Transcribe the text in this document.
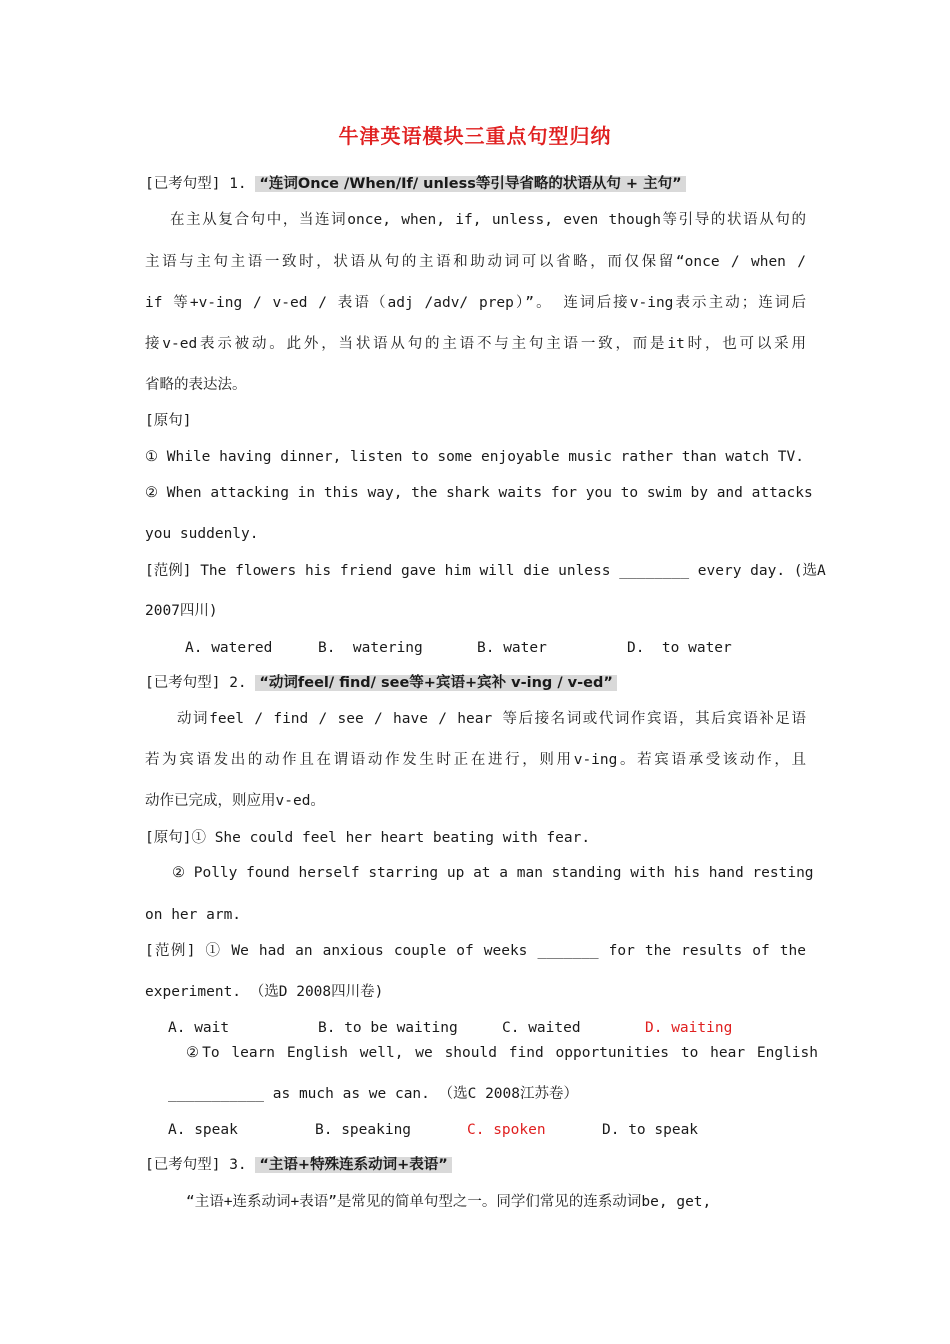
牛津英语模块三重点句型归纳
[已考句型] 1. “连词Once /When/If/ unless等引导省略的状语从句 + 主句”
在主从复合句中，当连词once, when, if, unless, even though等引导的状语从句的
主语与主句主语一致时，状语从句的主语和助动词可以省略，而仅保留“once / when /
if 等+v-ing / v-ed / 表语（adj /adv/ prep）”。 连词后接v-ing表示主动；连词后
接v-ed表示被动。此外，当状语从句的主语不与主句主语一致，而是it时，也可以采用
省略的表达法。
[原句]
① While having dinner, listen to some enjoyable music rather than watch TV.
② When attacking in this way, the shark waits for you to swim by and attacks
you suddenly.
[范例] The flowers his friend gave him will die unless ________ every day. (选A
2007四川)
A. watered	B.  watering	B. water	D.  to water
[已考句型] 2. “动词feel/ find/ see等+宾语+宾补 v-ing / v-ed”
动词feel / find / see / have / hear 等后接名词或代词作宾语，其后宾语补足语
若为宾语发出的动作且在谓语动作发生时正在进行，则用v-ing。若宾语承受该动作，且
动作已完成，则应用v-ed。
[原句]① She could feel her heart beating with fear.
② Polly found herself starring up at a man standing with his hand resting
on her arm.
[范例] ① We had an anxious couple of weeks _______ for the results of the
experiment. （选D 2008四川卷)
A. wait	B. to be waiting	C. waited	D. waiting
②To learn English well, we should find opportunities to hear English
___________ as much as we can. （选C 2008江苏卷）
A. speak	B. speaking	C. spoken	D. to speak
[已考句型] 3. “主语+特殊连系动词+表语”
“主语+连系动词+表语”是常见的简单句型之一。同学们常见的连系动词be, get,
